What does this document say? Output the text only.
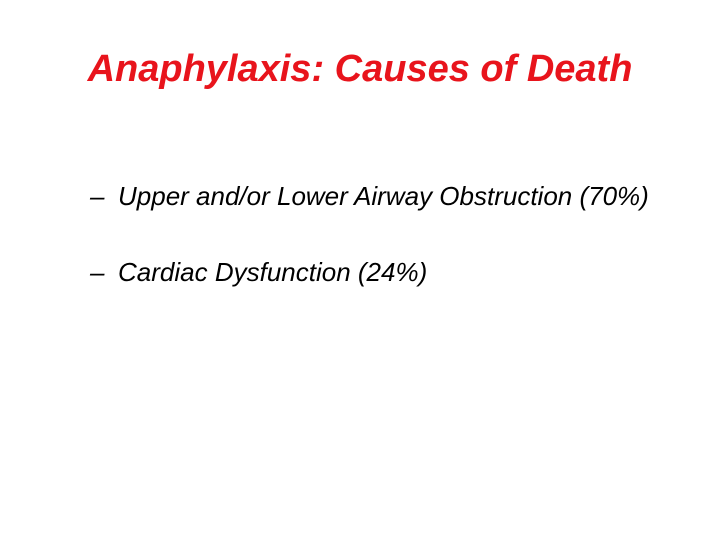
Anaphylaxis: Causes of Death
– Upper and/or Lower Airway Obstruction (70%)
– Cardiac Dysfunction (24%)
